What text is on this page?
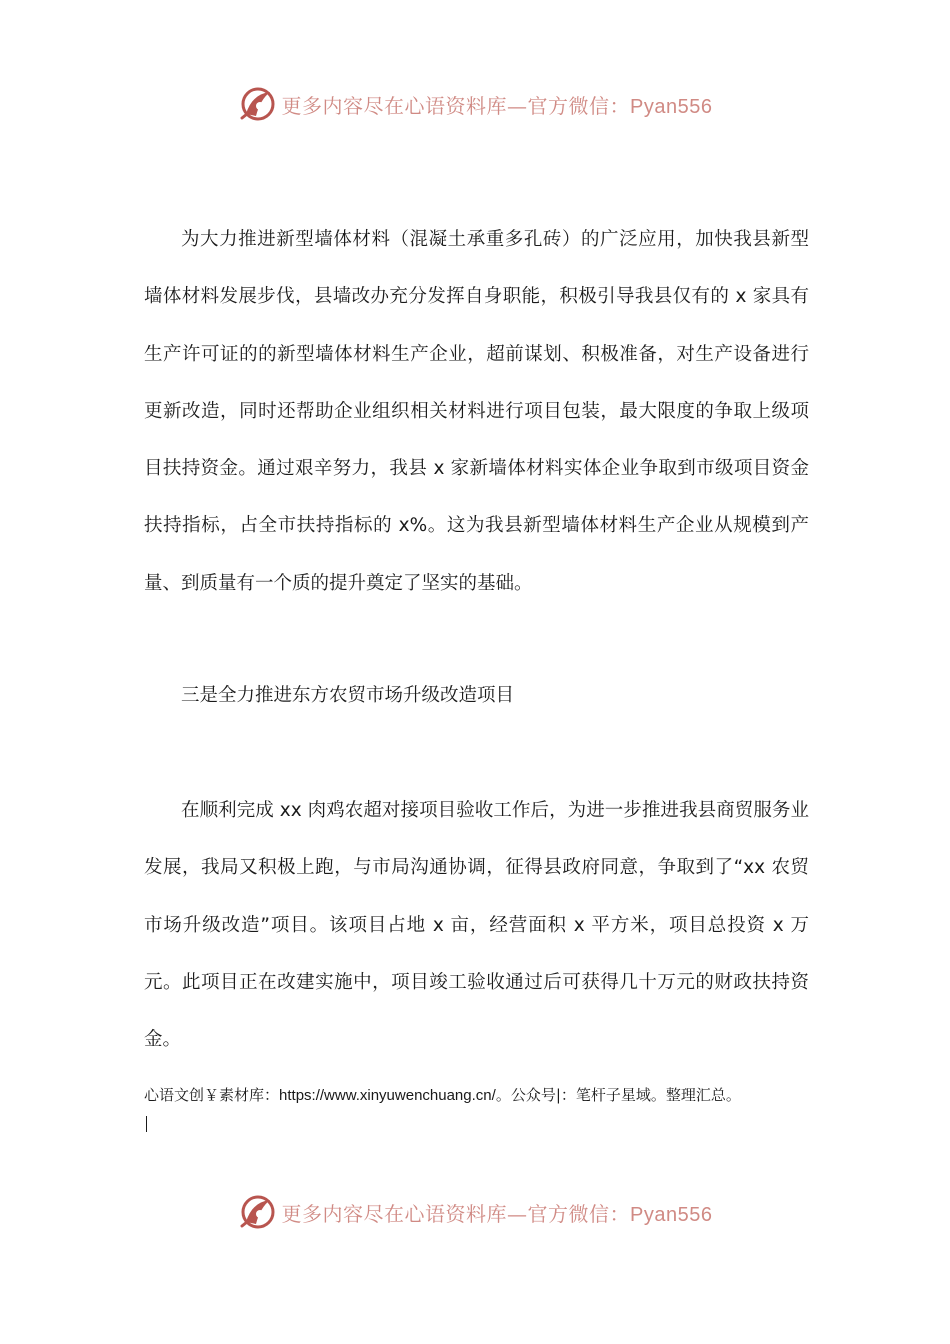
更多内容尽在心语资料库—官方微信：Pyan556

为大力推进新型墙体材料（混凝土承重多孔砖）的广泛应用，加快我县新型墙体材料发展步伐，县墙改办充分发挥自身职能，积极引导我县仅有的 x 家具有生产许可证的的新型墙体材料生产企业，超前谋划、积极准备，对生产设备进行更新改造，同时还帮助企业组织相关材料进行项目包装，最大限度的争取上级项目扶持资金。通过艰辛努力，我县 x 家新墙体材料实体企业争取到市级项目资金扶持指标，占全市扶持指标的 x%。这为我县新型墙体材料生产企业从规模到产量、到质量有一个质的提升奠定了坚实的基础。

三是全力推进东方农贸市场升级改造项目

在顺利完成 xx 肉鸡农超对接项目验收工作后，为进一步推进我县商贸服务业发展，我局又积极上跑，与市局沟通协调，征得县政府同意，争取到了“xx 农贸市场升级改造”项目。该项目占地 x 亩，经营面积 x 平方米，项目总投资 x 万元。此项目正在改建实施中，项目竣工验收通过后可获得几十万元的财政扶持资金。

心语文创￥素材库：https://www.xinyuwenchuang.cn/。公众号|：笔杆子星域。整理汇总。

更多内容尽在心语资料库—官方微信：Pyan556
